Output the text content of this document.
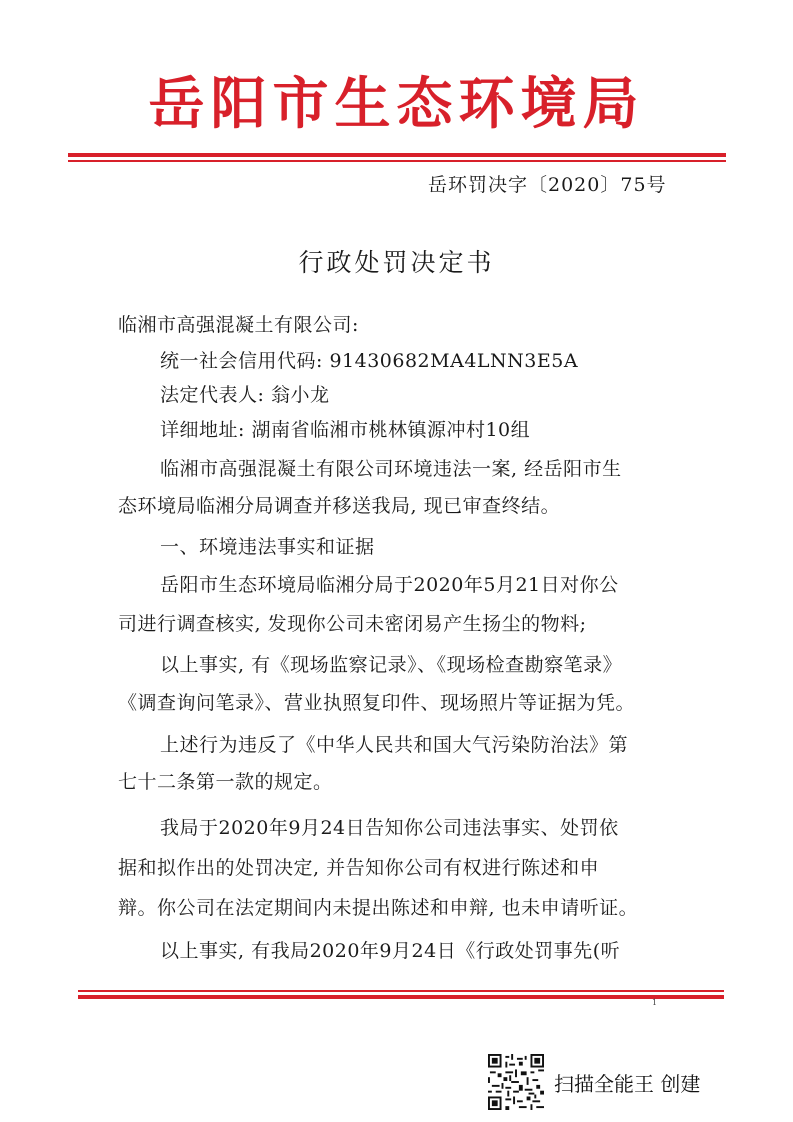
岳阳市生态环境局
岳环罚决字〔2020〕75号
行政处罚决定书
临湘市高强混凝土有限公司:
统一社会信用代码: 91430682MA4LNN3E5A
法定代表人: 翁小龙
详细地址: 湖南省临湘市桃林镇源冲村10组
临湘市高强混凝土有限公司环境违法一案, 经岳阳市生
态环境局临湘分局调查并移送我局, 现已审查终结。
一、环境违法事实和证据
岳阳市生态环境局临湘分局于2020年5月21日对你公
司进行调查核实, 发现你公司未密闭易产生扬尘的物料;
以上事实, 有《现场监察记录》、《现场检查勘察笔录》
《调查询问笔录》、营业执照复印件、现场照片等证据为凭。
上述行为违反了《中华人民共和国大气污染防治法》第
七十二条第一款的规定。
我局于2020年9月24日告知你公司违法事实、处罚依
据和拟作出的处罚决定, 并告知你公司有权进行陈述和申
辩。你公司在法定期间内未提出陈述和申辩, 也未申请听证。
以上事实, 有我局2020年9月24日《行政处罚事先(听
1
扫描全能王 创建
